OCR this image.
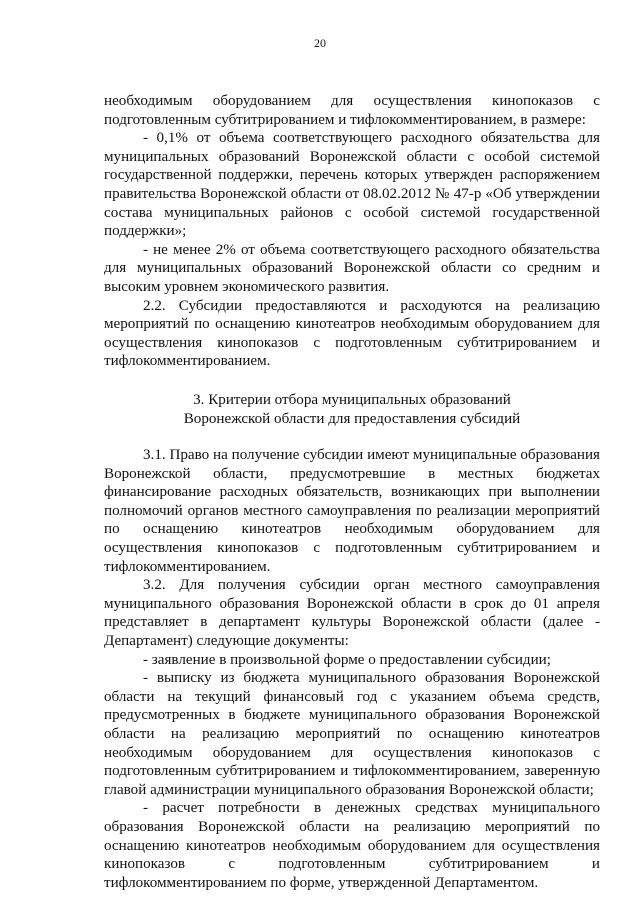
20

необходимым оборудованием для осуществления кинопоказов с подготовленным субтитрированием и тифлокомментированием, в размере:

- 0,1% от объема соответствующего расходного обязательства для муниципальных образований Воронежской области с особой системой государственной поддержки, перечень которых утвержден распоряжением правительства Воронежской области от 08.02.2012 № 47-р «Об утверждении состава муниципальных районов с особой системой государственной поддержки»;

- не менее 2% от объема соответствующего расходного обязательства для муниципальных образований Воронежской области со средним и высоким уровнем экономического развития.

2.2. Субсидии предоставляются и расходуются на реализацию мероприятий по оснащению кинотеатров необходимым оборудованием для осуществления кинопоказов с подготовленным субтитрированием и тифлокомментированием.

3. Критерии отбора муниципальных образований

Воронежской области для предоставления субсидий

3.1. Право на получение субсидии имеют муниципальные образования Воронежской области, предусмотревшие в местных бюджетах финансирование расходных обязательств, возникающих при выполнении полномочий органов местного самоуправления по реализации мероприятий по оснащению кинотеатров необходимым оборудованием для осуществления кинопоказов с подготовленным субтитрированием и тифлокомментированием.

3.2. Для получения субсидии орган местного самоуправления муниципального образования Воронежской области в срок до 01 апреля представляет в департамент культуры Воронежской области (далее - Департамент) следующие документы:

- заявление в произвольной форме о предоставлении субсидии;

- выписку из бюджета муниципального образования Воронежской области на текущий финансовый год с указанием объема средств, предусмотренных в бюджете муниципального образования Воронежской области на реализацию мероприятий по оснащению кинотеатров необходимым оборудованием для осуществления кинопоказов с подготовленным субтитрированием и тифлокомментированием, заверенную главой администрации муниципального образования Воронежской области;

- расчет потребности в денежных средствах муниципального образования Воронежской области на реализацию мероприятий по оснащению кинотеатров необходимым оборудованием для осуществления кинопоказов с подготовленным субтитрированием и тифлокомментированием по форме, утвержденной Департаментом.
